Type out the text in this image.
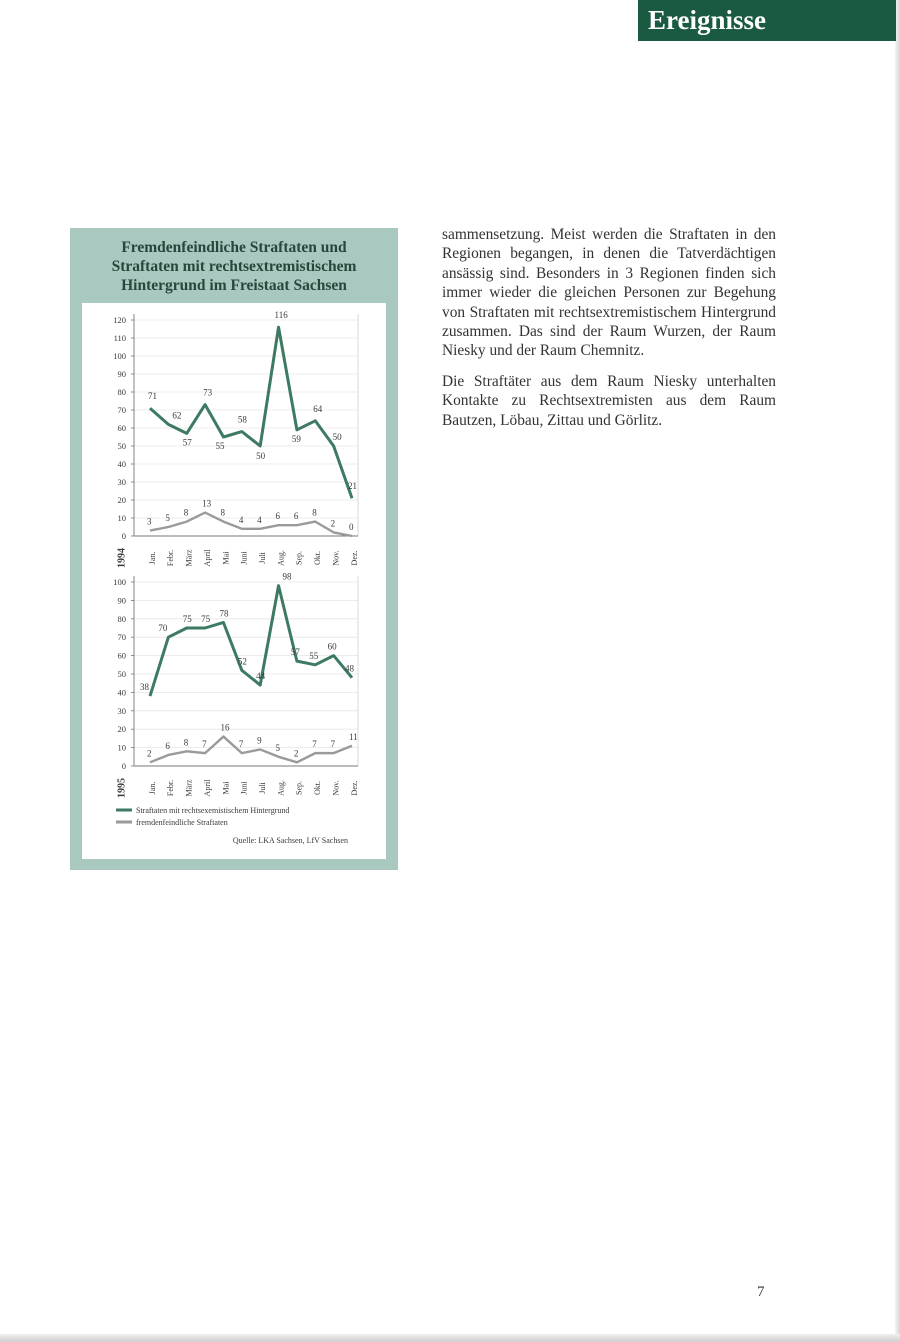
Ereignisse
Fremdenfeindliche Straftaten und
Straftaten mit rechtsextremistischem
Hintergrund im Freistaat Sachsen
0
10
20
30
40
50
60
70
80
90
100
110
120
Jan. Febr. März April Mai Juni Juli Aug. Sep. Okt. Nov. Dez.
1994
71
62
57
73
55
58
50
116
59
64
50
21
3 5
8
13
8
4 4 6 6 8
2 0
0
10
20
30
40
50
60
70
80
90
100
Jan. Febr. März April Mai Juni Juli Aug. Sep. Okt. Nov. Dez.
1995
38
70
75 75
78
52
44
98
57 55
60
48
2
6 8 7
16
7 9
5
2
7 7
11
Straftaten mit rechtsexemistischem Hintergrund
fremdenfeindliche Straftaten
Quelle: LKA Sachsen, LfV Sachsen

sammensetzung. Meist werden die Straftaten in den Regionen begangen, in denen die Tatverdächtigen ansässig sind. Besonders in 3 Regionen finden sich immer wieder die gleichen Personen zur Begehung von Straftaten mit rechtsextremistischem Hintergrund zusammen. Das sind der Raum Wurzen, der Raum Niesky und der Raum Chemnitz.

Die Straftäter aus dem Raum Niesky unterhalten Kontakte zu Rechtsextremisten aus dem Raum Bautzen, Löbau, Zittau und Görlitz.

7
